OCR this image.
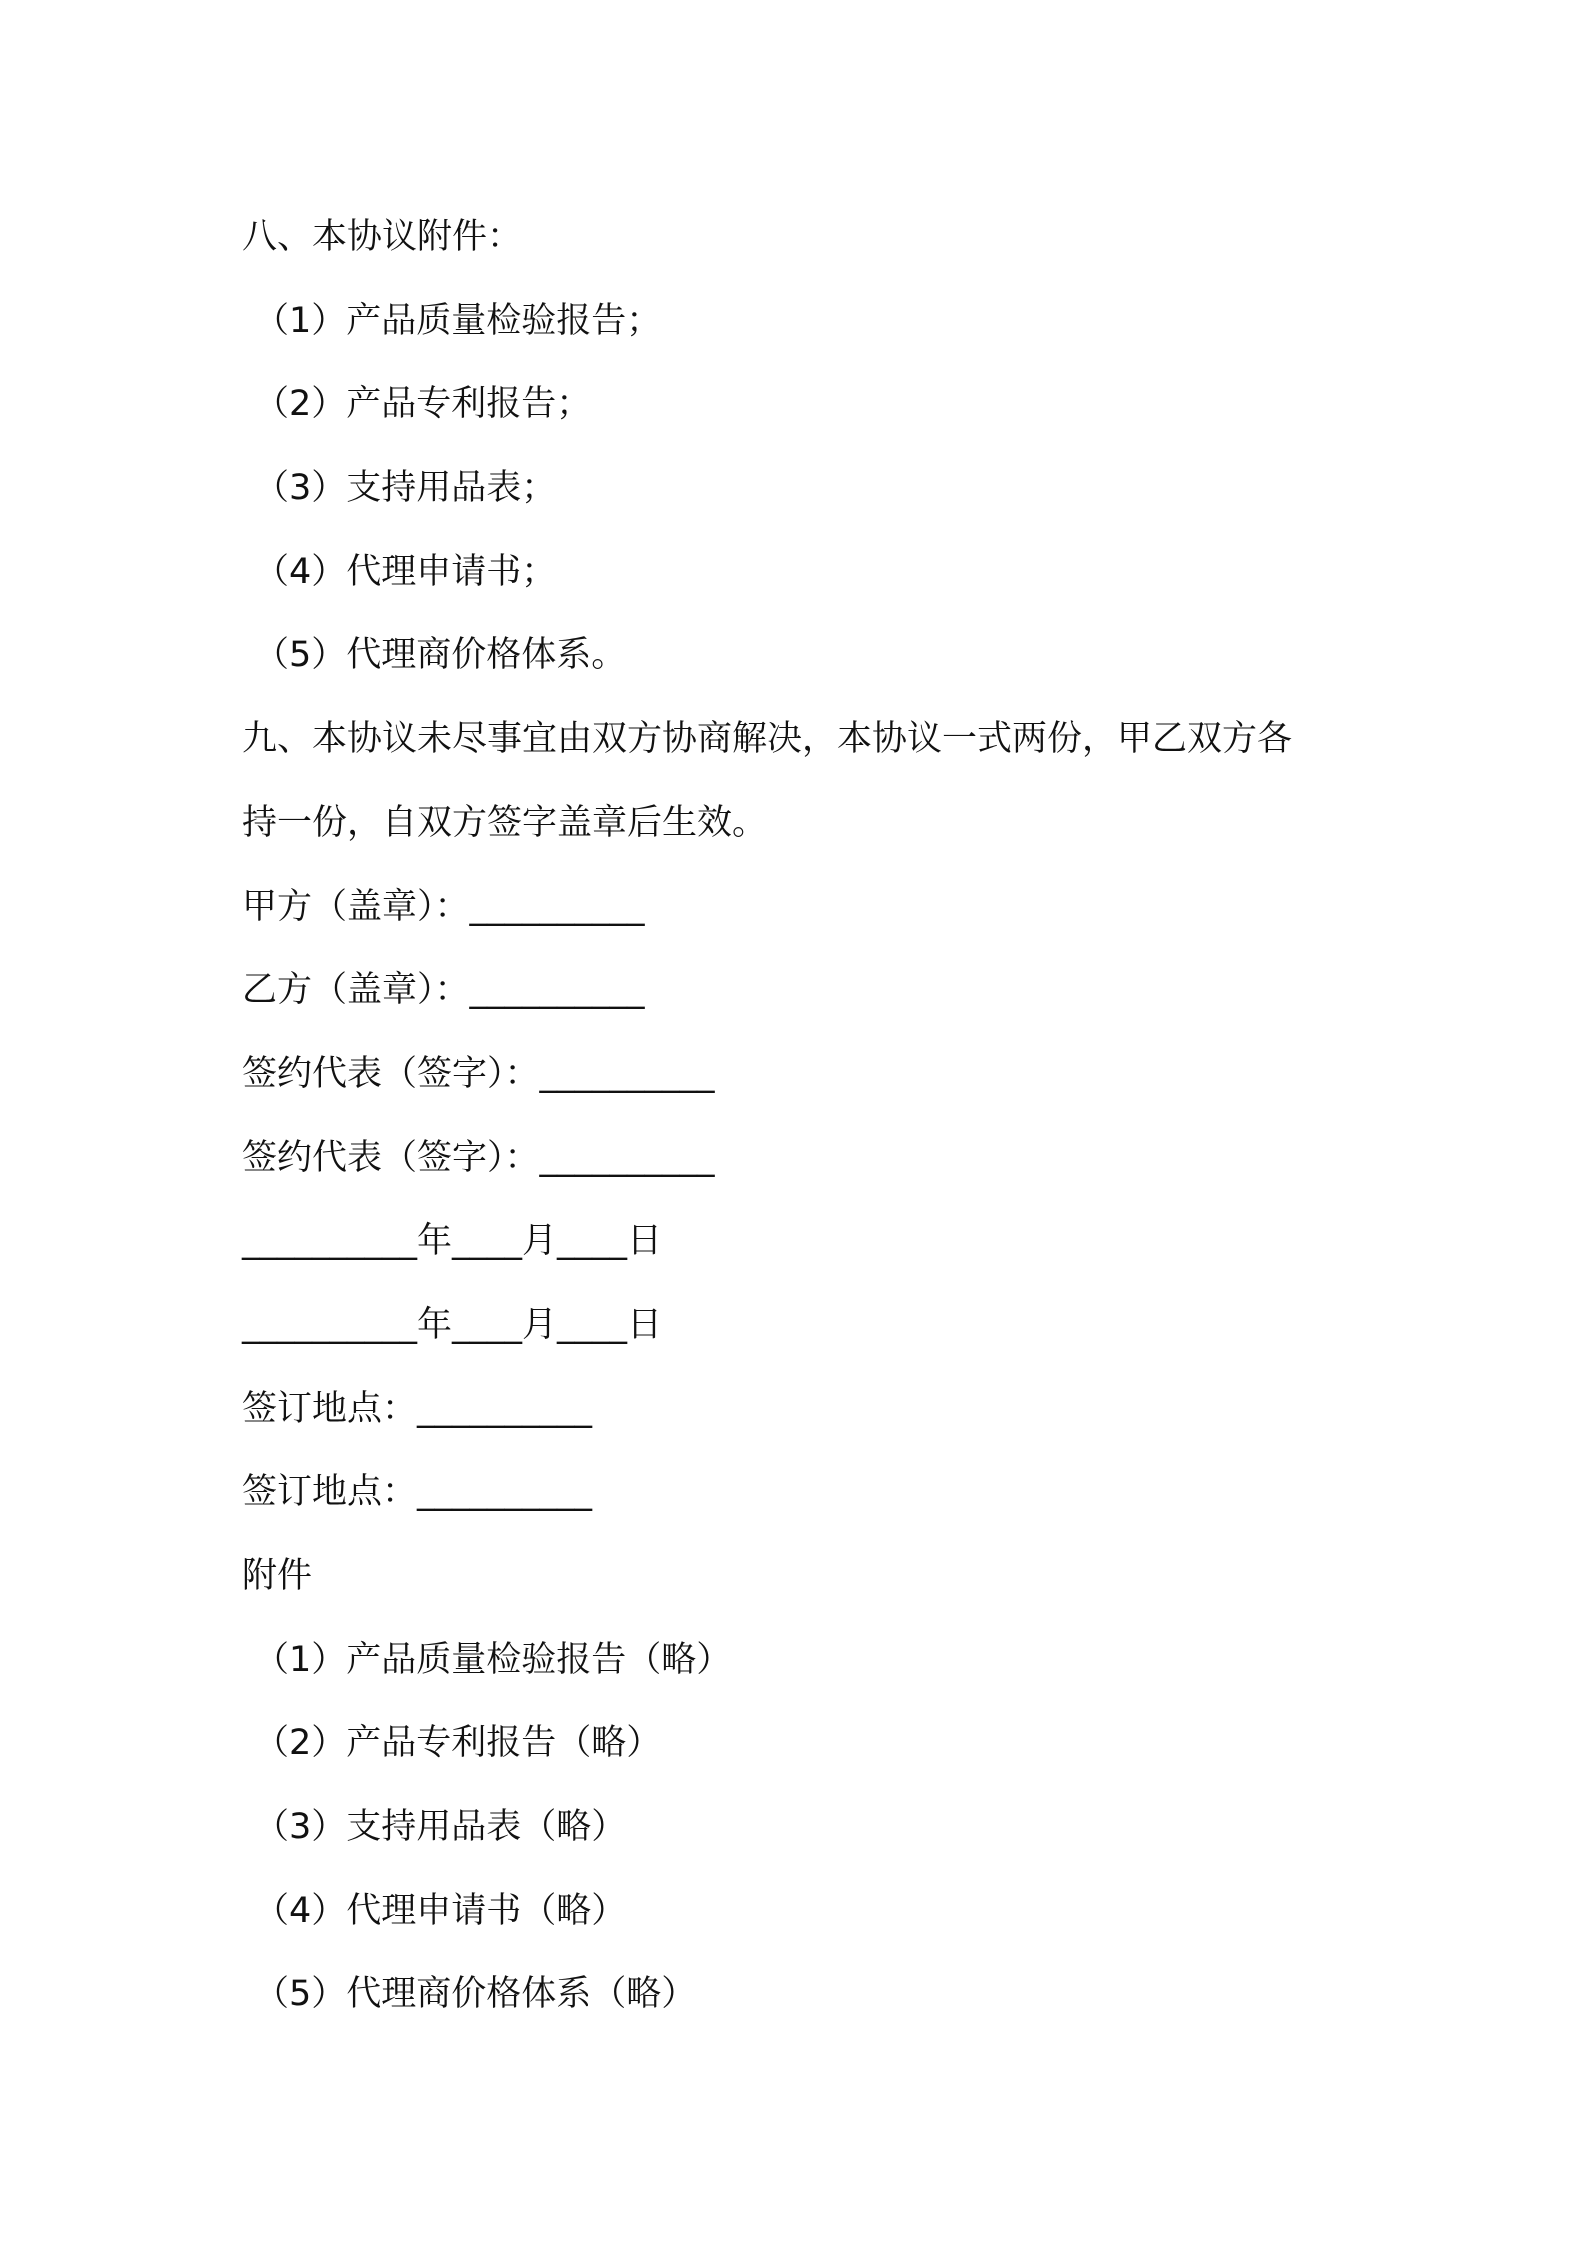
八、本协议附件：
（1）产品质量检验报告；
（2）产品专利报告；
（3）支持用品表；
（4）代理申请书；
（5）代理商价格体系。
九、本协议未尽事宜由双方协商解决，本协议一式两份，甲乙双方各
持一份，自双方签字盖章后生效。
甲方（盖章）：__________
乙方（盖章）：__________
签约代表（签字）：__________
签约代表（签字）：__________
__________年____月____日
__________年____月____日
签订地点：__________
签订地点：__________
附件
（1）产品质量检验报告（略）
（2）产品专利报告（略）
（3）支持用品表（略）
（4）代理申请书（略）
（5）代理商价格体系（略）
